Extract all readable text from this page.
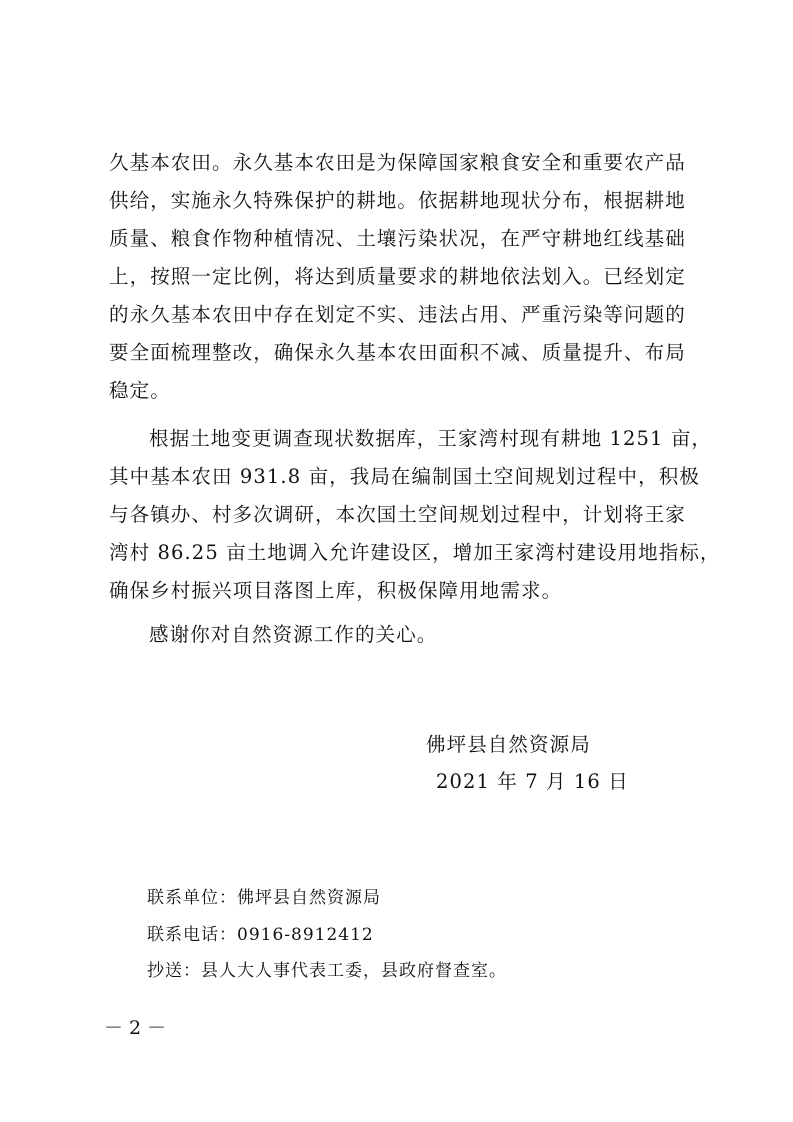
久基本农田。永久基本农田是为保障国家粮食安全和重要农产品
供给，实施永久特殊保护的耕地。依据耕地现状分布，根据耕地
质量、粮食作物种植情况、土壤污染状况，在严守耕地红线基础
上，按照一定比例，将达到质量要求的耕地依法划入。已经划定
的永久基本农田中存在划定不实、违法占用、严重污染等问题的
要全面梳理整改，确保永久基本农田面积不减、质量提升、布局
稳定。
根据土地变更调查现状数据库，王家湾村现有耕地 1251 亩，
其中基本农田 931.8 亩，我局在编制国土空间规划过程中，积极
与各镇办、村多次调研，本次国土空间规划过程中，计划将王家
湾村 86.25 亩土地调入允许建设区，增加王家湾村建设用地指标，
确保乡村振兴项目落图上库，积极保障用地需求。
感谢你对自然资源工作的关心。
佛坪县自然资源局
2021 年 7 月 16 日
联系单位：佛坪县自然资源局
联系电话：0916-8912412
抄送：县人大人事代表工委，县政府督查室。
－ 2 －
